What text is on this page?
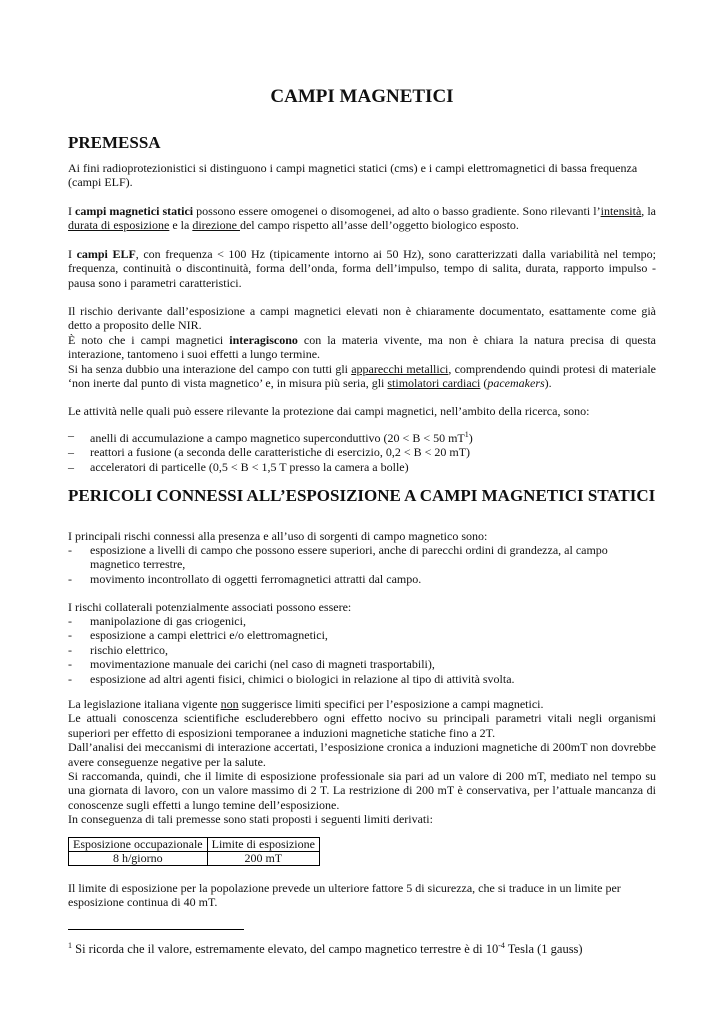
CAMPI MAGNETICI
PREMESSA

Ai fini radioprotezionistici si distinguono i campi magnetici statici (cms) e i campi elettromagnetici di bassa frequenza (campi ELF).

I campi magnetici statici possono essere omogenei o disomogenei, ad alto o basso gradiente. Sono rilevanti l’intensità, la durata di esposizione e la direzione del campo rispetto all’asse dell’oggetto biologico esposto.

I campi ELF, con frequenza < 100 Hz (tipicamente intorno ai 50 Hz), sono caratterizzati dalla variabilità nel tempo; frequenza, continuità o discontinuità, forma dell’onda, forma dell’impulso, tempo di salita, durata, rapporto impulso - pausa sono i parametri caratteristici.

Il rischio derivante dall’esposizione a campi magnetici elevati non è chiaramente documentato, esattamente come già detto a proposito delle NIR.
È noto che i campi magnetici interagiscono con la materia vivente, ma non è chiara la natura precisa di questa interazione, tantomeno i suoi effetti a lungo termine.
Si ha senza dubbio una interazione del campo con tutti gli apparecchi metallici, comprendendo quindi protesi di materiale ‘non inerte dal punto di vista magnetico’ e, in misura più seria, gli stimolatori cardiaci (pacemakers).

Le attività nelle quali può essere rilevante la protezione dai campi magnetici, nell’ambito della ricerca, sono:

– anelli di accumulazione a campo magnetico superconduttivo (20 < B < 50 $mT^1$)
– reattori a fusione (a seconda delle caratteristiche di esercizio, 0,2 < B < 20 mT)
– acceleratori di particelle (0,5 < B < 1,5 T presso la camera a bolle)
PERICOLI CONNESSI ALL’ESPOSIZIONE A CAMPI MAGNETICI STATICI

I principali rischi connessi alla presenza e all’uso di sorgenti di campo magnetico sono:

- esposizione a livelli di campo che possono essere superiori, anche di parecchi ordini di grandezza, al campo magnetico terrestre,
- movimento incontrollato di oggetti ferromagnetici attratti dal campo.

I rischi collaterali potenzialmente associati possono essere:

- manipolazione di gas criogenici,
- esposizione a campi elettrici e/o elettromagnetici,
- rischio elettrico,
- movimentazione manuale dei carichi (nel caso di magneti trasportabili),
- esposizione ad altri agenti fisici, chimici o biologici in relazione al tipo di attività svolta.
La legislazione italiana vigente non suggerisce limiti specifici per l’esposizione a campi magnetici.
Le attuali conoscenza scientifiche escluderebbero ogni effetto nocivo su principali parametri vitali negli organismi superiori per effetto di esposizioni temporanee a induzioni magnetiche statiche fino a 2T.
Dall’analisi dei meccanismi di interazione accertati, l’esposizione cronica a induzioni magnetiche di 200mT non dovrebbe avere conseguenze negative per la salute.
Si raccomanda, quindi, che il limite di esposizione professionale sia pari ad un valore di 200 mT, mediato nel tempo su una giornata di lavoro, con un valore massimo di 2 T. La restrizione di 200 mT è conservativa, per l’attuale mancanza di conoscenze sugli effetti a lungo temine dell’esposizione.
In conseguenza di tali premesse sono stati proposti i seguenti limiti derivati:
Esposizione occupazionale	Limite di esposizione
8 h/giorno	200 mT

Il limite di esposizione per la popolazione prevede un ulteriore fattore 5 di sicurezza, che si traduce in un limite per esposizione continua di 40 mT.

$^1$ Si ricorda che il valore, estremamente elevato, del campo magnetico terrestre è di $10^{-4}$ Tesla (1 gauss)
